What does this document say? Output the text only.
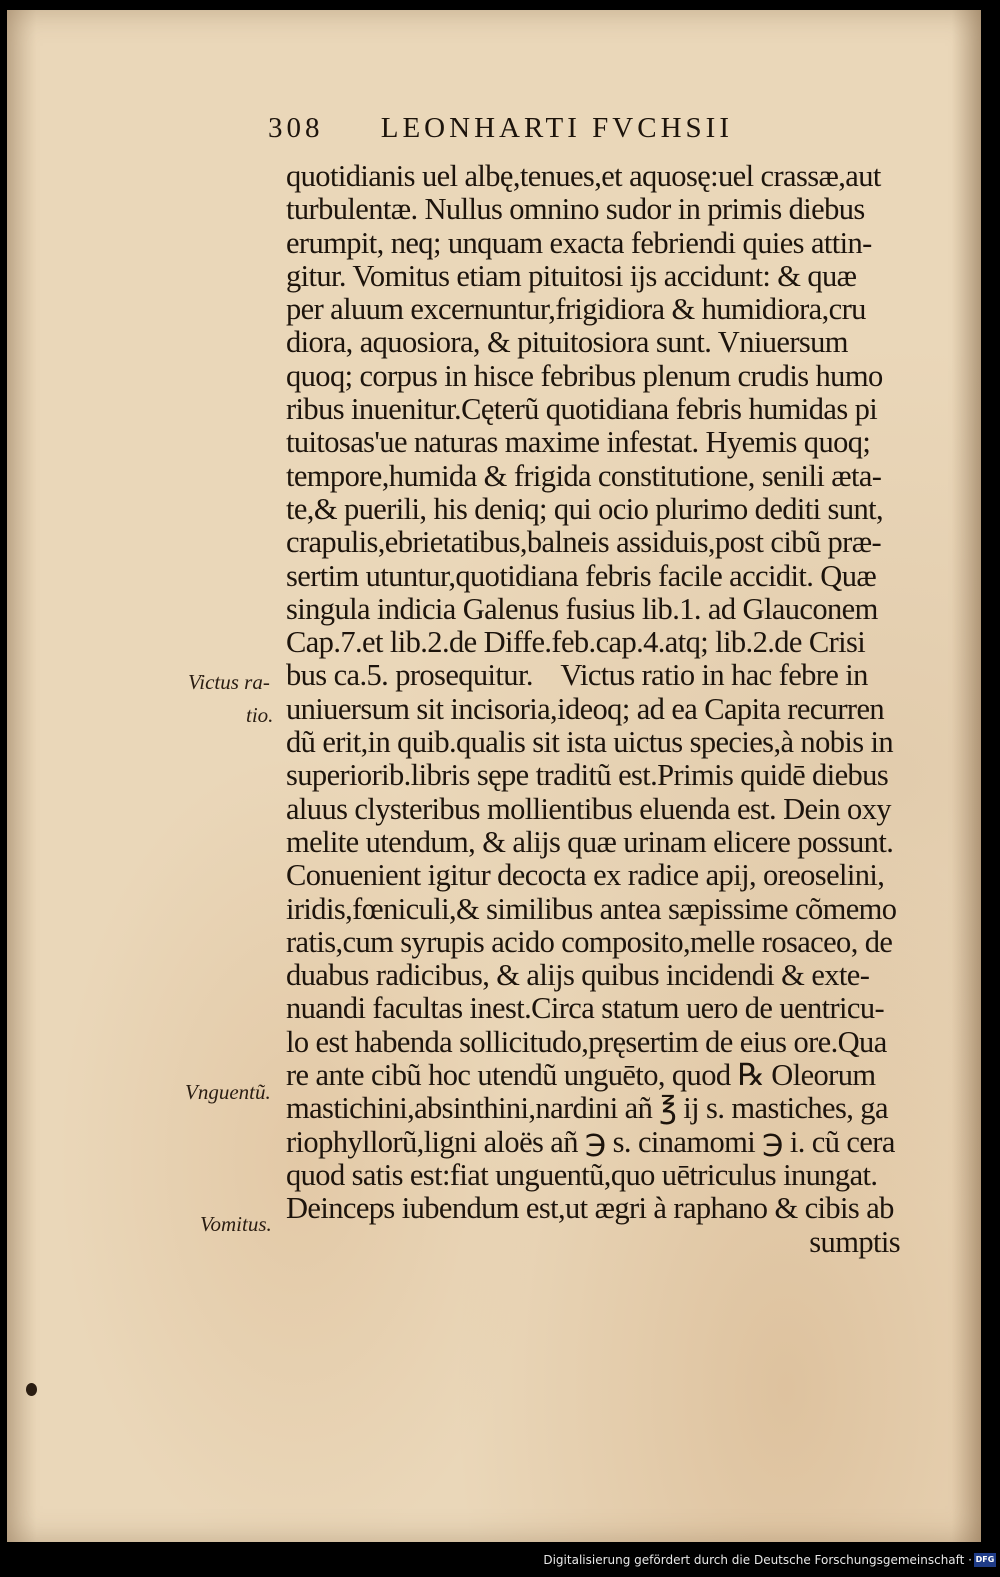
308 LEONHARTI FVCHSII
quotidianis uel albę,tenues,et aquosę:uel crassæ,aut
turbulentæ. Nullus omnino sudor in primis diebus
erumpit, neq; unquam exacta febriendi quies attin-
gitur. Vomitus etiam pituitosi ijs accidunt: & quæ
per aluum excernuntur,frigidiora & humidiora,cru
diora, aquosiora, & pituitosiora sunt. Vniuersum
quoq; corpus in hisce febribus plenum crudis humo
ribus inuenitur.Cęterũ quotidiana febris humidas pi
tuitosas'ue naturas maxime infestat. Hyemis quoq;
tempore,humida & frigida constitutione, senili æta-
te,& puerili, his deniq; qui ocio plurimo dediti sunt,
crapulis,ebrietatibus,balneis assiduis,post cibũ præ-
sertim utuntur,quotidiana febris facile accidit. Quæ
singula indicia Galenus fusius lib.1. ad Glauconem
Cap.7.et lib.2.de Diffe.feb.cap.4.atq; lib.2.de Crisi
bus ca.5. prosequitur.    Victus ratio in hac febre in
uniuersum sit incisoria,ideoq; ad ea Capita recurren
dũ erit,in quib.qualis sit ista uictus species,à nobis in
superiorib.libris sępe traditũ est.Primis quidē diebus
aluus clysteribus mollientibus eluenda est. Dein oxy
melite utendum, & alijs quæ urinam elicere possunt.
Conuenient igitur decocta ex radice apij, oreoselini,
iridis,fœniculi,& similibus antea sæpissime cõmemo
ratis,cum syrupis acido composito,melle rosaceo, de
duabus radicibus, & alijs quibus incidendi & exte-
nuandi facultas inest.Circa statum uero de uentricu-
lo est habenda sollicitudo,pręsertim de eius ore.Qua
re ante cibũ hoc utendũ unguēto, quod ℞ Oleorum
mastichini,absinthini,nardini añ ℥ ij s. mastiches, ga
riophyllorũ,ligni aloës añ ℈ s. cinamomi ℈ i. cũ cera
quod satis est:fiat unguentũ,quo uētriculus inungat.
Deinceps iubendum est,ut ægri à raphano & cibis ab
sumptis
Victus ra-
tio.
Vnguentũ.
Vomitus.
Digitalisierung gefördert durch die Deutsche Forschungsgemeinschaft · DFG
